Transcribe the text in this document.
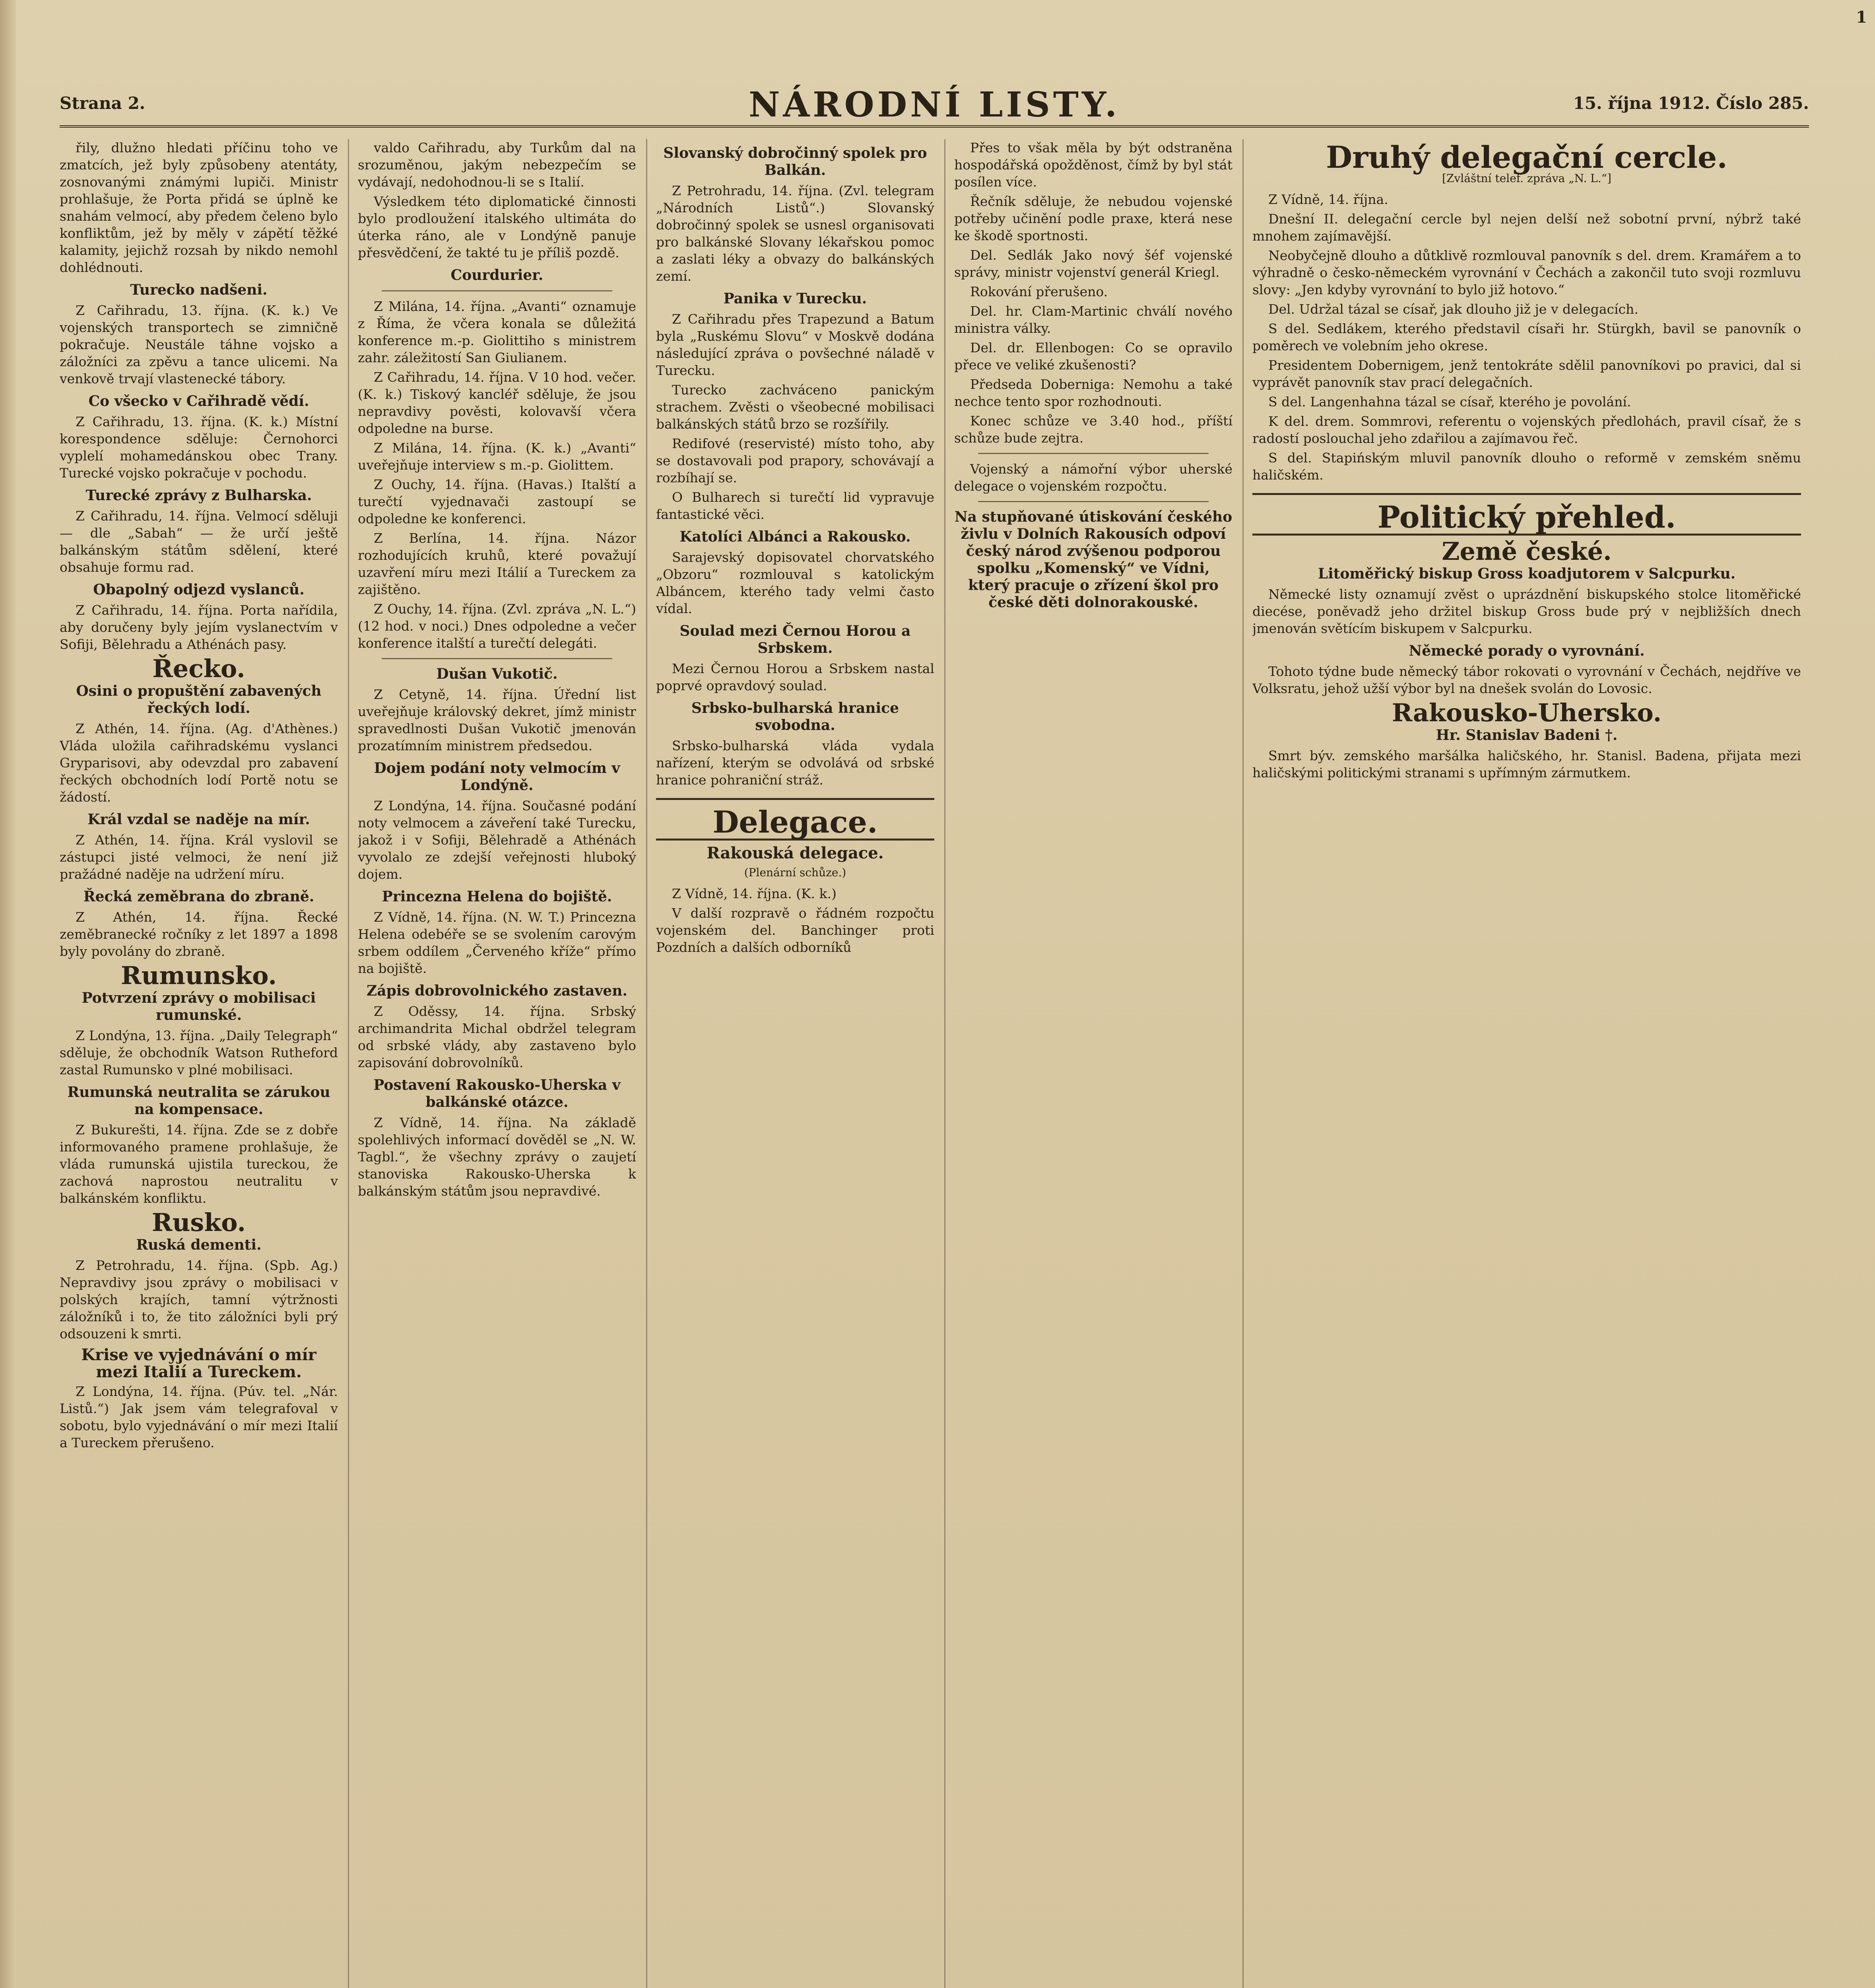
1
Strana 2.	NÁRODNÍ LISTY.	15. října 1912. Číslo 285.

řily, dlužno hledati příčinu toho ve zmatcích, jež byly způsobeny atentáty, zosnovanými známými lupiči. Ministr prohlašuje, že Porta přidá se úplně ke snahám velmocí, aby předem čeleno bylo konfliktům, jež by měly v zápětí těžké kalamity, jejichž rozsah by nikdo nemohl dohlédnouti.

Turecko nadšeni.

Z Cařihradu, 13. října. (K. k.) Ve vojenských transportech se zimničně pokračuje. Neustále táhne vojsko a záložníci za zpěvu a tance ulicemi. Na venkově trvají vlastenecké tábory.

Co všecko v Cařihradě vědí.

Z Cařihradu, 13. října. (K. k.) Místní korespondence sděluje: Černohorci vyplelí mohamedánskou obec Trany. Turecké vojsko pokračuje v pochodu.

Turecké zprávy z Bulharska.

Z Cařihradu, 14. října. Velmocí sděluji — dle „Sabah“ — že určí ještě balkánským státům sdělení, které obsahuje formu rad.

Obapolný odjezd vyslanců.

Z Cařihradu, 14. října. Porta nařídila, aby doručeny byly jejím vyslanectvím v Sofiji, Bělehradu a Athénách pasy.

Řecko.
Osini o propuštění zabavených řeckých lodí.

Z Athén, 14. října. (Ag. d'Athènes.) Vláda uložila cařihradskému vyslanci Gryparisovi, aby odevzdal pro zabavení řeckých obchodních lodí Portě notu se žádostí.

Král vzdal se naděje na mír.

Z Athén, 14. října. Král vyslovil se zástupci jisté velmoci, že není již pražádné naděje na udržení míru.

Řecká zeměbrana do zbraně.

Z Athén, 14. října. Řecké zeměbranecké ročníky z let 1897 a 1898 byly povolány do zbraně.

Rumunsko.
Potvrzení zprávy o mobilisaci rumunské.

Z Londýna, 13. října. „Daily Telegraph“ sděluje, že obchodník Watson Rutheford zastal Rumunsko v plné mobilisaci.

Rumunská neutralita se zárukou na kompensace.

Z Bukurešti, 14. října. Zde se z dobře informovaného pramene prohlašuje, že vláda rumunská ujistila tureckou, že zachová naprostou neutralitu v balkánském konfliktu.

Rusko.
Ruská dementi.

Z Petrohradu, 14. října. (Spb. Ag.) Nepravdivy jsou zprávy o mobilisaci v polských krajích, tamní výtržnosti záložníků i to, že tito záložníci byli prý odsouzeni k smrti.

Krise ve vyjednávání o mír mezi Italií a Tureckem.

Z Londýna, 14. října. (Púv. tel. „Nár. Listů.“) Jak jsem vám telegrafoval v sobotu, bylo vyjednávání o mír mezi Italií a Tureckem přerušeno.

valdo Cařihradu, aby Turkům dal na srozuměnou, jakým nebezpečím se vydávají, nedohodnou-li se s Italií.

Výsledkem této diplomatické činnosti bylo prodloužení italského ultimáta do úterka ráno, ale v Londýně panuje přesvědčení, že takté tu je příliš pozdě.

Courdurier.

Z Milána, 14. října. „Avanti“ oznamuje z Říma, že včera konala se důležitá konference m.-p. Giolittiho s ministrem zahr. záležitostí San Giulianem.

Z Cařihradu, 14. října. V 10 hod. večer. (K. k.) Tiskový kancléř sděluje, že jsou nepravdivy pověsti, kolovavší včera odpoledne na burse.

Z Milána, 14. října. (K. k.) „Avanti“ uveřejňuje interview s m.-p. Giolittem.

Z Ouchy, 14. října. (Havas.) Italští a turečtí vyjednavači zastoupí se odpoledne ke konferenci.

Z Berlína, 14. října. Názor rozhodujících kruhů, které považují uzavření míru mezi Itálií a Tureckem za zajištěno.

Z Ouchy, 14. října. (Zvl. zpráva „N. L.“) (12 hod. v noci.) Dnes odpoledne a večer konference italští a turečtí delegáti.

Dušan Vukotič.

Z Cetyně, 14. října. Úřední list uveřejňuje královský dekret, jímž ministr spravedlnosti Dušan Vukotič jmenován prozatímním ministrem předsedou.

Dojem podání noty velmocím v Londýně.

Z Londýna, 14. října. Současné podání noty velmocem a záveření také Turecku, jakož i v Sofiji, Bělehradě a Athénách vyvolalo ze zdejší veřejnosti hluboký dojem.

Princezna Helena do bojiště.

Z Vídně, 14. října. (N. W. T.) Princezna Helena odebéře se se svolením carovým srbem oddílem „Červeného kříže“ přímo na bojiště.

Zápis dobrovolnického zastaven.

Z Oděssy, 14. října. Srbský archimandrita Michal obdržel telegram od srbské vlády, aby zastaveno bylo zapisování dobrovolníků.

Postavení Rakousko-Uherska v balkánské otázce.

Z Vídně, 14. října. Na základě spolehlivých informací dověděl se „N. W. Tagbl.“, že všechny zprávy o zaujetí stanoviska Rakousko-Uherska k balkánským státům jsou nepravdivé.

Slovanský dobročinný spolek pro Balkán.

Z Petrohradu, 14. října. (Zvl. telegram „Národních Listů“.) Slovanský dobročinný spolek se usnesl organisovati pro balkánské Slovany lékařskou pomoc a zaslati léky a obvazy do balkánských zemí.

Panika v Turecku.

Z Cařihradu přes Trapezund a Batum byla „Ruskému Slovu“ v Moskvě dodána následující zpráva o povšechné náladě v Turecku.

Turecko zachváceno panickým strachem. Zvěsti o všeobecné mobilisaci balkánských států brzo se rozšířily.

Redifové (reservisté) místo toho, aby se dostavovali pod prapory, schovávají a rozbíhají se.

O Bulharech si turečtí lid vypravuje fantastické věci.

Katolíci Albánci a Rakousko.

Sarajevský dopisovatel chorvatského „Obzoru“ rozmlouval s katolickým Albáncem, kterého tady velmi často vídal.

Soulad mezi Černou Horou a Srbskem.

Mezi Černou Horou a Srbskem nastal poprvé opravdový soulad.

Srbsko-bulharská hranice svobodna.

Srbsko-bulharská vláda vydala nařízení, kterým se odvolává od srbské hranice pohraniční stráž.

Delegace.
Rakouská delegace.
(Plenární schůze.)

Z Vídně, 14. října. (K. k.)

V další rozpravě o řádném rozpočtu vojenském del. Banchinger proti Pozdních a dalších odborníků

Přes to však měla by být odstraněna hospodářská opožděnost, čímž by byl stát posílen více.

Řečník sděluje, že nebudou vojenské potřeby učinění podle praxe, která nese ke škodě sportnosti.

Del. Sedlák Jako nový šéf vojenské správy, ministr vojenství generál Kriegl.

Rokování přerušeno.

Del. hr. Clam-Martinic chválí nového ministra války.

Del. dr. Ellenbogen: Co se opravilo přece ve veliké zkušenosti?

Předseda Doberniga: Nemohu a také nechce tento spor rozhodnouti.

Konec schůze ve 3.40 hod., příští schůze bude zejtra.

Vojenský a námořní výbor uherské delegace o vojenském rozpočtu.

Na stupňované útiskování českého živlu v Dolních Rakousích odpoví český národ zvýšenou podporou spolku „Komenský“ ve Vídni, který pracuje o zřízení škol pro české děti dolnorakouské.
Druhý delegační cercle.
[Zvláštní telef. zpráva „N. L.“]

Z Vídně, 14. října.

Dnešní II. delegační cercle byl nejen delší než sobotní první, nýbrž také mnohem zajímavější.

Neobyčejně dlouho a důtklivě rozmlouval panovník s del. drem. Kramářem a to výhradně o česko-německém vyrovnání v Čechách a zakončil tuto svoji rozmluvu slovy: „Jen kdyby vyrovnání to bylo již hotovo.“

Del. Udržal tázal se císař, jak dlouho již je v delegacích.

S del. Sedlákem, kterého představil císaři hr. Stürgkh, bavil se panovník o poměrech ve volebním jeho okrese.

Presidentem Dobernigem, jenž tentokráte sdělil panovníkovi po pravici, dal si vyprávět panovník stav prací delegačních.

S del. Langenhahna tázal se císař, kterého je povolání.

K del. drem. Sommrovi, referentu o vojenských předlohách, pravil císař, že s radostí poslouchal jeho zdařilou a zajímavou řeč.

S del. Stapińským mluvil panovník dlouho o reformě v zemském sněmu haličském.

Politický přehled.
Země české.
Litoměřický biskup Gross koadjutorem v Salcpurku.

Německé listy oznamují zvěst o uprázdnění biskupského stolce litoměřické diecése, poněvadž jeho držitel biskup Gross bude prý v nejbližších dnech jmenován světícím biskupem v Salcpurku.

Německé porady o vyrovnání.

Tohoto týdne bude německý tábor rokovati o vyrovnání v Čechách, nejdříve ve Volksratu, jehož užší výbor byl na dnešek svolán do Lovosic.

Rakousko-Uhersko.
Hr. Stanislav Badeni †.

Smrt býv. zemského maršálka haličského, hr. Stanisl. Badena, přijata mezi haličskými politickými stranami s upřímným zármutkem.
